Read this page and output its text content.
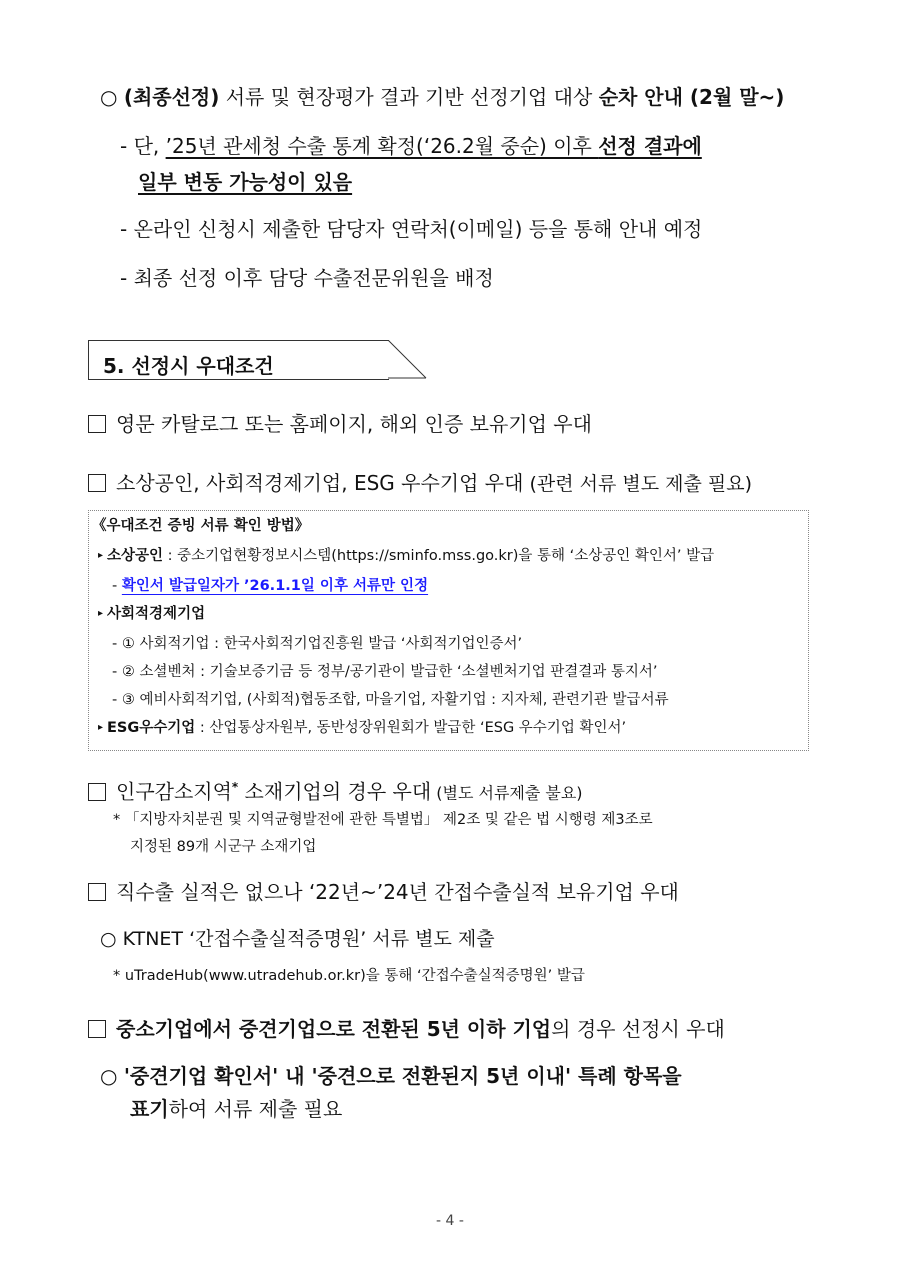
○ (최종선정) 서류 및 현장평가 결과 기반 선정기업 대상 순차 안내 (2월 말~)
- 단, ’25년 관세청 수출 통계 확정(‘26.2월 중순) 이후 선정 결과에
일부 변동 가능성이 있음
- 온라인 신청시 제출한 담당자 연락처(이메일) 등을 통해 안내 예정
- 최종 선정 이후 담당 수출전문위원을 배정
5. 선정시 우대조건
영문 카탈로그 또는 홈페이지, 해외 인증 보유기업 우대
소상공인, 사회적경제기업, ESG 우수기업 우대 (관련 서류 별도 제출 필요)
《우대조건 증빙 서류 확인 방법》
▸ 소상공인 : 중소기업현황정보시스템(https://sminfo.mss.go.kr)을 통해 ‘소상공인 확인서’ 발급
- 확인서 발급일자가 ’26.1.1일 이후 서류만 인정
▸ 사회적경제기업
- ① 사회적기업 : 한국사회적기업진흥원 발급 ‘사회적기업인증서’
- ② 소셜벤처 : 기술보증기금 등 정부/공기관이 발급한 ‘소셜벤처기업 판결결과 통지서’
- ③ 예비사회적기업, (사회적)협동조합, 마을기업, 자활기업 : 지자체, 관련기관 발급서류
▸ ESG우수기업 : 산업통상자원부, 동반성장위원회가 발급한 ‘ESG 우수기업 확인서’
인구감소지역* 소재기업의 경우 우대 (별도 서류제출 불요)
* 「지방자치분권 및 지역균형발전에 관한 특별법」 제2조 및 같은 법 시행령 제3조로
지정된 89개 시군구 소재기업
직수출 실적은 없으나 ‘22년~’24년 간접수출실적 보유기업 우대
○ KTNET ‘간접수출실적증명원’ 서류 별도 제출
* uTradeHub(www.utradehub.or.kr)을 통해 ‘간접수출실적증명원’ 발급
중소기업에서 중견기업으로 전환된 5년 이하 기업의 경우 선정시 우대
○ '중견기업 확인서' 내 '중견으로 전환된지 5년 이내' 특례 항목을
표기하여 서류 제출 필요
- 4 -
